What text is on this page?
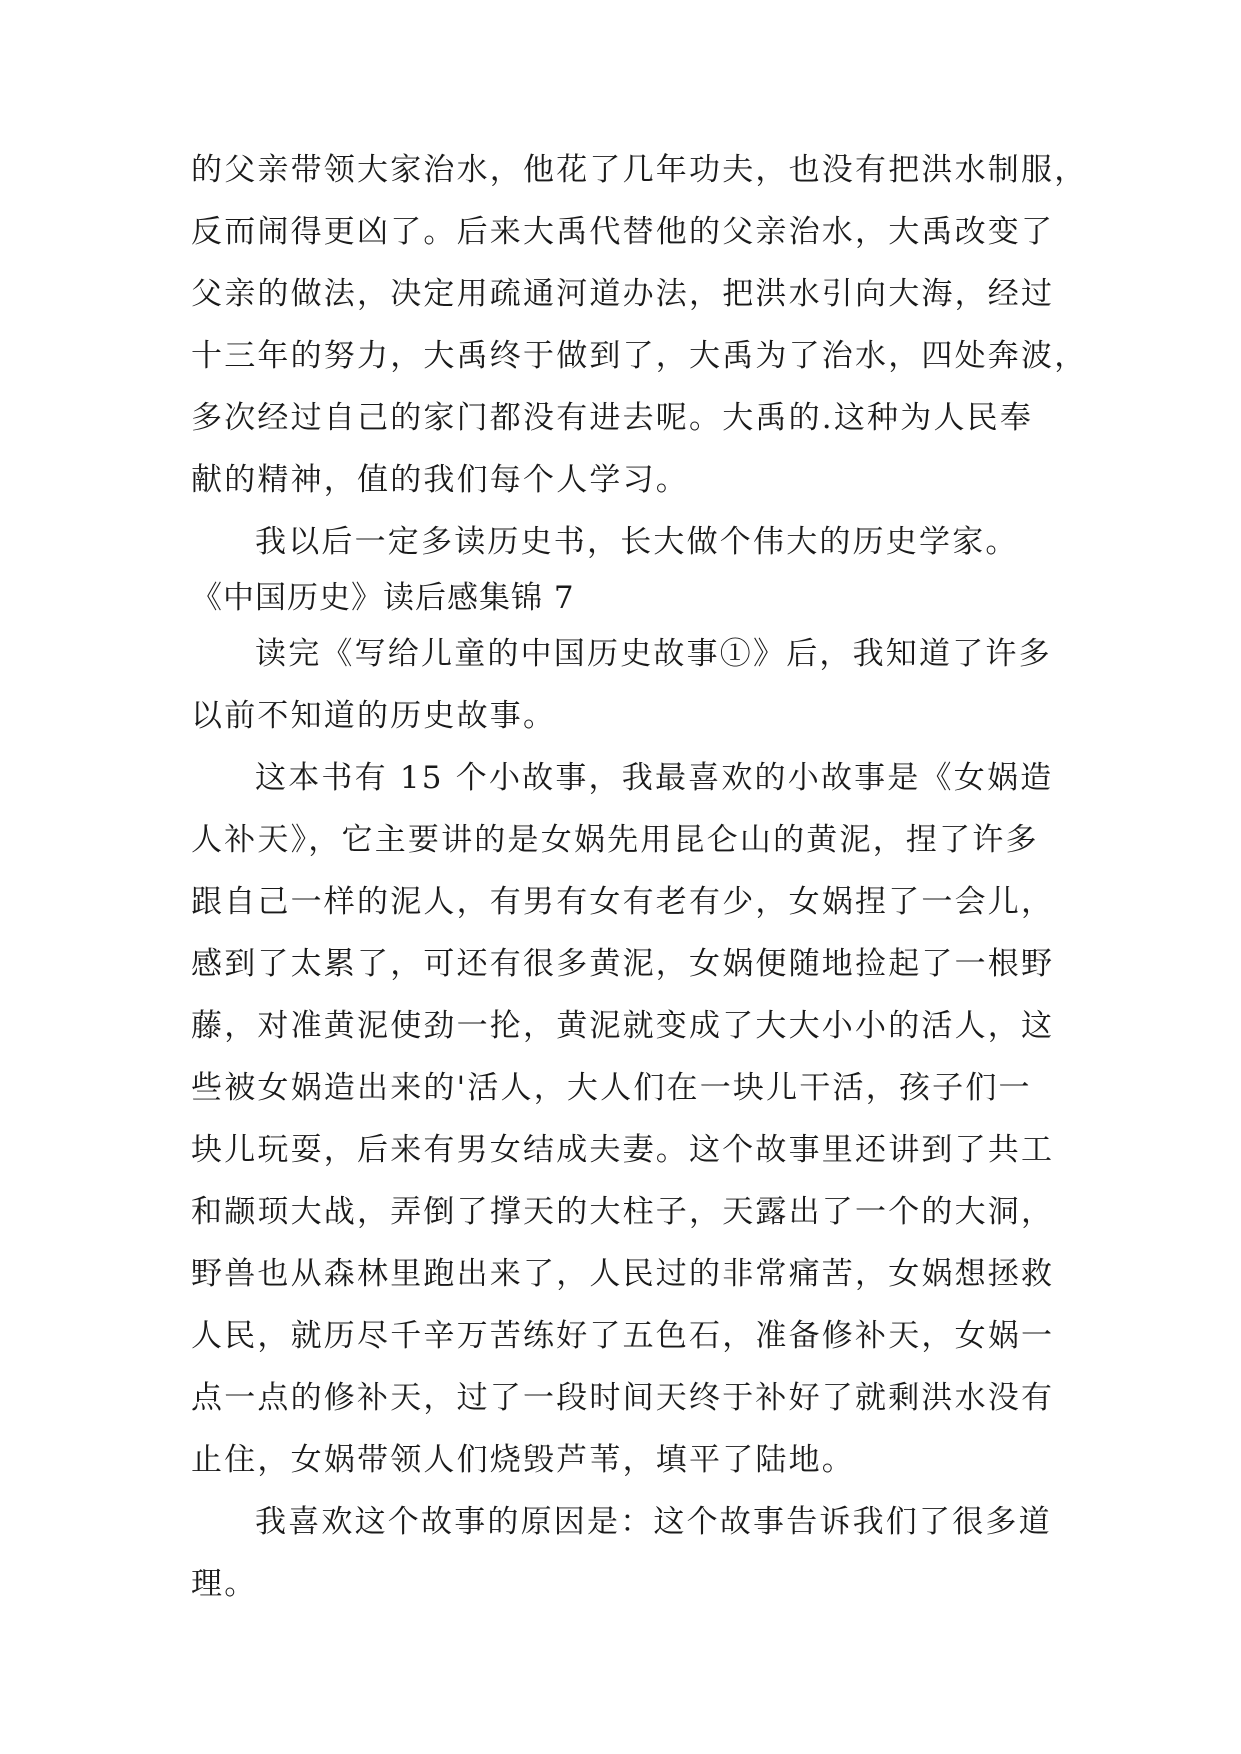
的父亲带领大家治水，他花了几年功夫，也没有把洪水制服，
反而闹得更凶了。后来大禹代替他的父亲治水，大禹改变了
父亲的做法，决定用疏通河道办法，把洪水引向大海，经过
十三年的努力，大禹终于做到了，大禹为了治水，四处奔波，
多次经过自己的家门都没有进去呢。大禹的.这种为人民奉
献的精神，值的我们每个人学习。
我以后一定多读历史书，长大做个伟大的历史学家。
《中国历史》读后感集锦 7
读完《写给儿童的中国历史故事①》后，我知道了许多
以前不知道的历史故事。
这本书有 15 个小故事，我最喜欢的小故事是《女娲造
人补天》，它主要讲的是女娲先用昆仑山的黄泥，捏了许多
跟自己一样的泥人，有男有女有老有少，女娲捏了一会儿，
感到了太累了，可还有很多黄泥，女娲便随地捡起了一根野
藤，对准黄泥使劲一抡，黄泥就变成了大大小小的活人，这
些被女娲造出来的'活人，大人们在一块儿干活，孩子们一
块儿玩耍，后来有男女结成夫妻。这个故事里还讲到了共工
和颛顼大战，弄倒了撑天的大柱子，天露出了一个的大洞，
野兽也从森林里跑出来了，人民过的非常痛苦，女娲想拯救
人民，就历尽千辛万苦练好了五色石，准备修补天，女娲一
点一点的修补天，过了一段时间天终于补好了就剩洪水没有
止住，女娲带领人们烧毁芦苇，填平了陆地。
我喜欢这个故事的原因是：这个故事告诉我们了很多道
理。
